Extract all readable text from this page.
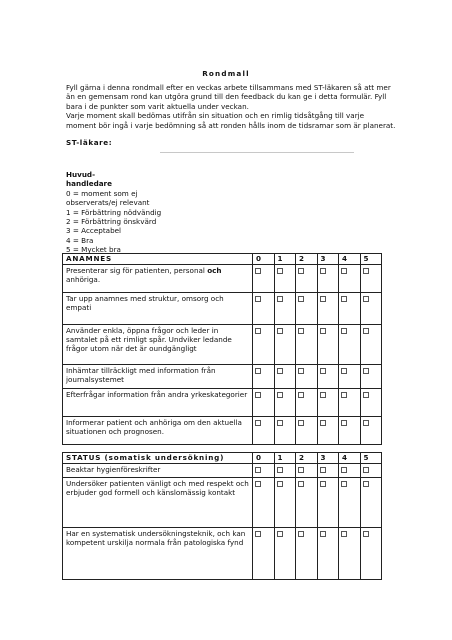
Rondmall

Fyll gärna i denna rondmall efter en veckas arbete tillsammans med ST-läkaren så att mer än en gemensam rond kan utgöra grund till den feedback du kan ge i detta formulär. Fyll bara i de punkter som varit aktuella under veckan.

Varje moment skall bedömas utifrån sin situation och en rimlig tidsåtgång till varje moment bör ingå i varje bedömning så att ronden hålls inom de tidsramar som är planerat.

ST-läkare:
Huvud-
handledare
0 = moment som ej observerats/ej relevant
1 = Förbättring nödvändig
2 = Förbättring önskvärd
3 = Acceptabel
4 = Bra
5 = Mycket bra
ANAMNES	0	1	2	3	4	5
Presenterar sig för patienten, personal och anhöriga.						
Tar upp anamnes med struktur, omsorg och empati						
Använder enkla, öppna frågor och leder in samtalet på ett rimligt spår. Undviker ledande frågor utom när det är oundgängligt						
Inhämtar tillräckligt med information från journalsystemet						
Efterfrågar information från andra yrkeskategorier						
Informerar patient och anhöriga om den aktuella situationen och prognosen.						
STATUS (somatisk undersökning)	0	1	2	3	4	5
Beaktar hygienföreskrifter						
Undersöker patienten vänligt och med respekt och erbjuder god formell och känslomässig kontakt						
Har en systematisk undersökningsteknik, och kan kompetent urskilja normala från patologiska fynd						
